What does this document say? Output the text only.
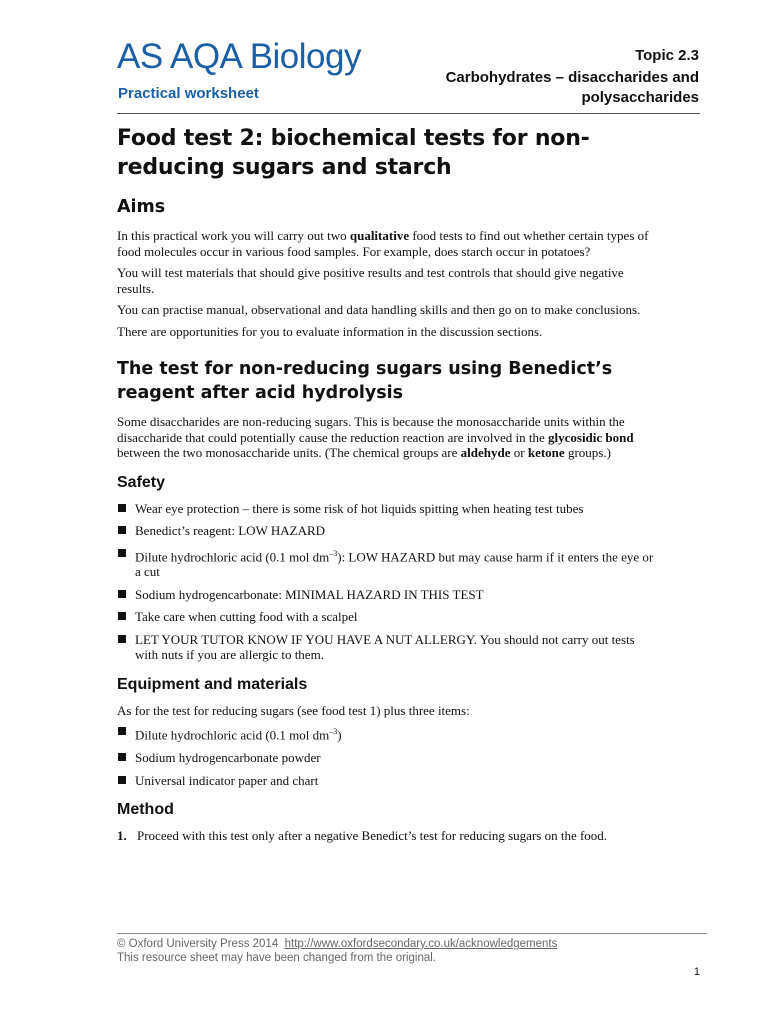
AS AQA Biology
Practical worksheet
Topic 2.3
Carbohydrates – disaccharides and polysaccharides
Food test 2: biochemical tests for non-reducing sugars and starch
Aims

In this practical work you will carry out two qualitative food tests to find out whether certain types of food molecules occur in various food samples. For example, does starch occur in potatoes?

You will test materials that should give positive results and test controls that should give negative results.

You can practise manual, observational and data handling skills and then go on to make conclusions.

There are opportunities for you to evaluate information in the discussion sections.

The test for non-reducing sugars using Benedict’s reagent after acid hydrolysis

Some disaccharides are non-reducing sugars. This is because the monosaccharide units within the disaccharide that could potentially cause the reduction reaction are involved in the glycosidic bond between the two monosaccharide units. (The chemical groups are aldehyde or ketone groups.)

Safety
Wear eye protection – there is some risk of hot liquids spitting when heating test tubes
Benedict’s reagent: LOW HAZARD
Dilute hydrochloric acid (0.1 mol $dm^{-3}$): LOW HAZARD but may cause harm if it enters the eye or a cut
Sodium hydrogencarbonate: MINIMAL HAZARD IN THIS TEST
Take care when cutting food with a scalpel
LET YOUR TUTOR KNOW IF YOU HAVE A NUT ALLERGY. You should not carry out tests with nuts if you are allergic to them.
Equipment and materials

As for the test for reducing sugars (see food test 1) plus three items:

Dilute hydrochloric acid (0.1 mol $dm^{-3}$)
Sodium hydrogencarbonate powder
Universal indicator paper and chart
Method
1. Proceed with this test only after a negative Benedict’s test for reducing sugars on the food.
© Oxford University Press 2014 http://www.oxfordsecondary.co.uk/acknowledgements
This resource sheet may have been changed from the original.
1
